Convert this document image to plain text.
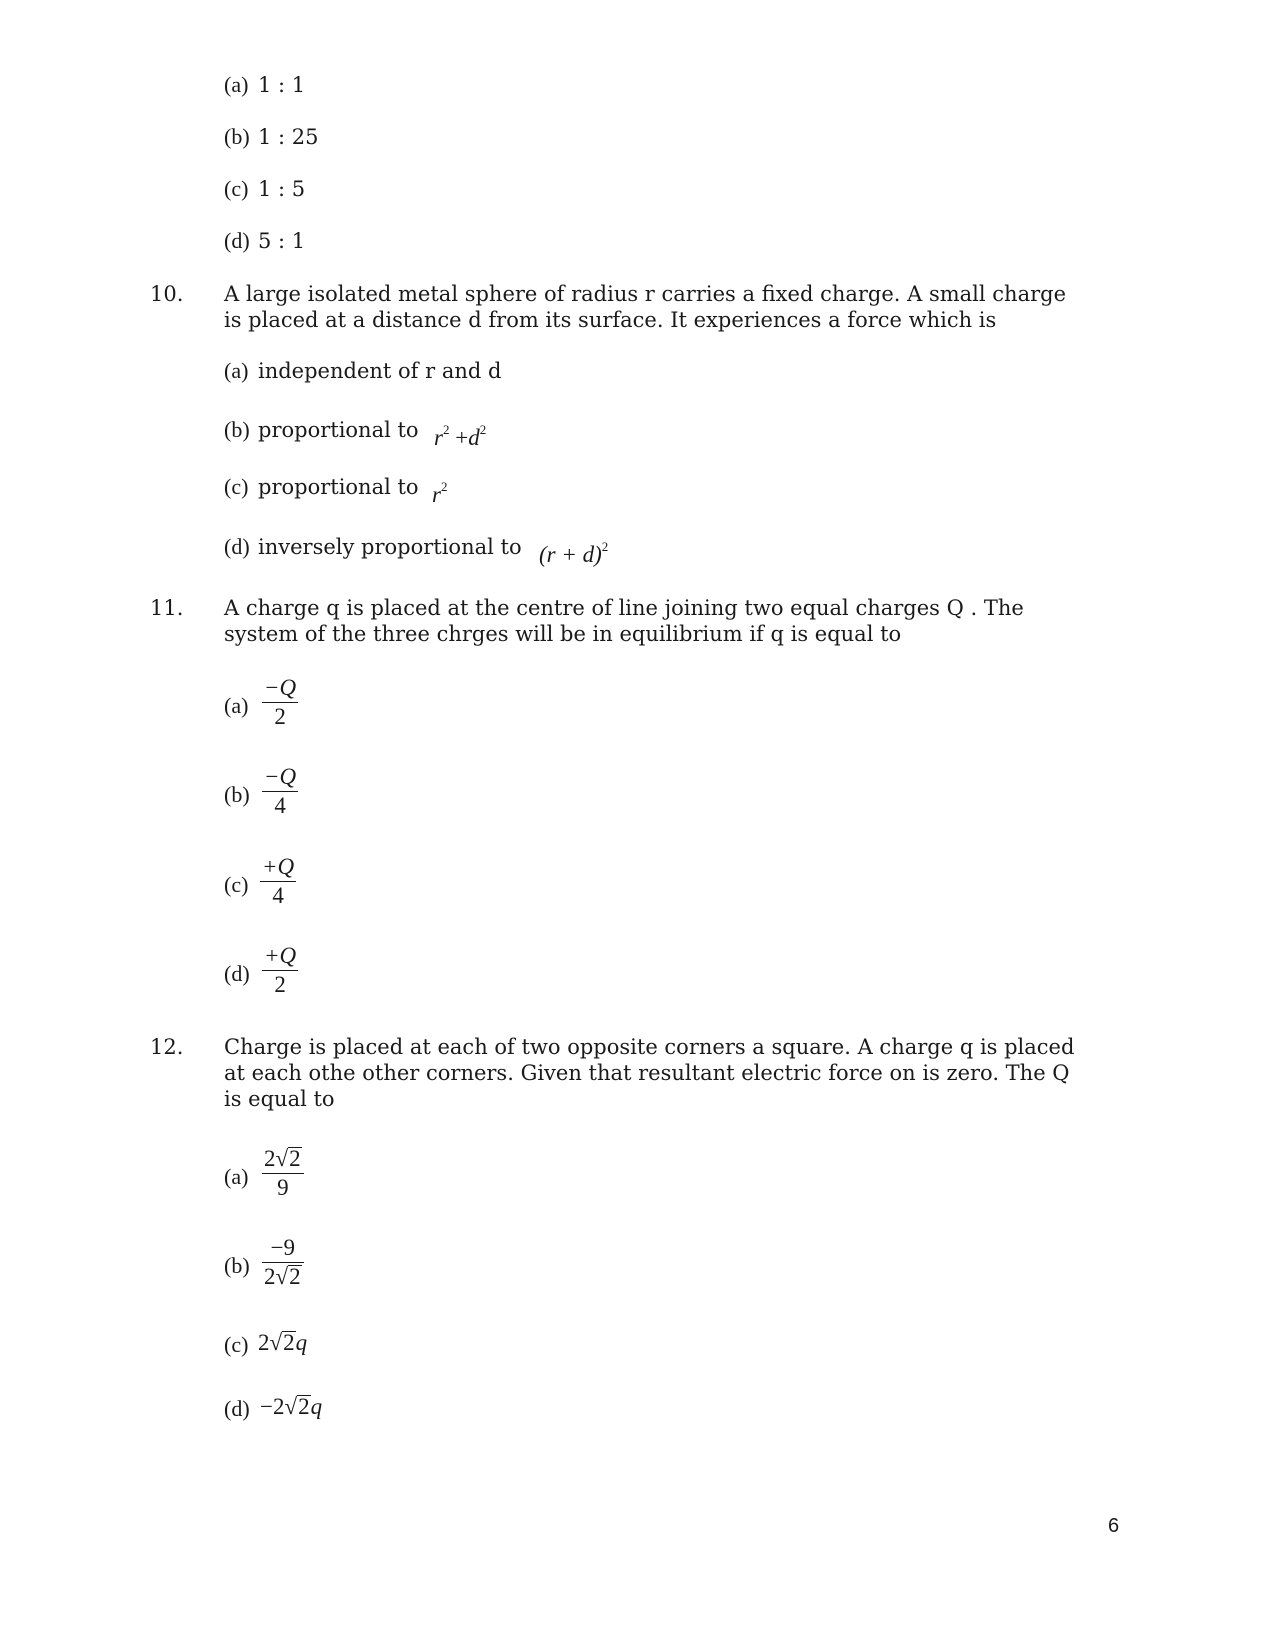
(a) 1 : 1
(b) 1 : 25
(c) 1 : 5
(d) 5 : 1
10. A large isolated metal sphere of radius r carries a fixed charge. A small charge
is placed at a distance d from its surface. It experiences a force which is
(a) independent of r and d
(b) proportional to $r^2 +d^2$
(c) proportional to $r^2$
(d) inversely proportional to $(r + d)^2$
11. A charge q is placed at the centre of line joining two equal charges Q . The
system of the three chrges will be in equilibrium if q is equal to
(a)
−Q
2
(b)
−Q
4
(c)
+Q
4
(d)
+Q
2
12. Charge is placed at each of two opposite corners a square. A charge q is placed
at each othe other corners. Given that resultant electric force on is zero. The Q
is equal to
(a)
2√2
9
(b)
−9
2√2
(c) 2√2q
(d) −2√2q
6
